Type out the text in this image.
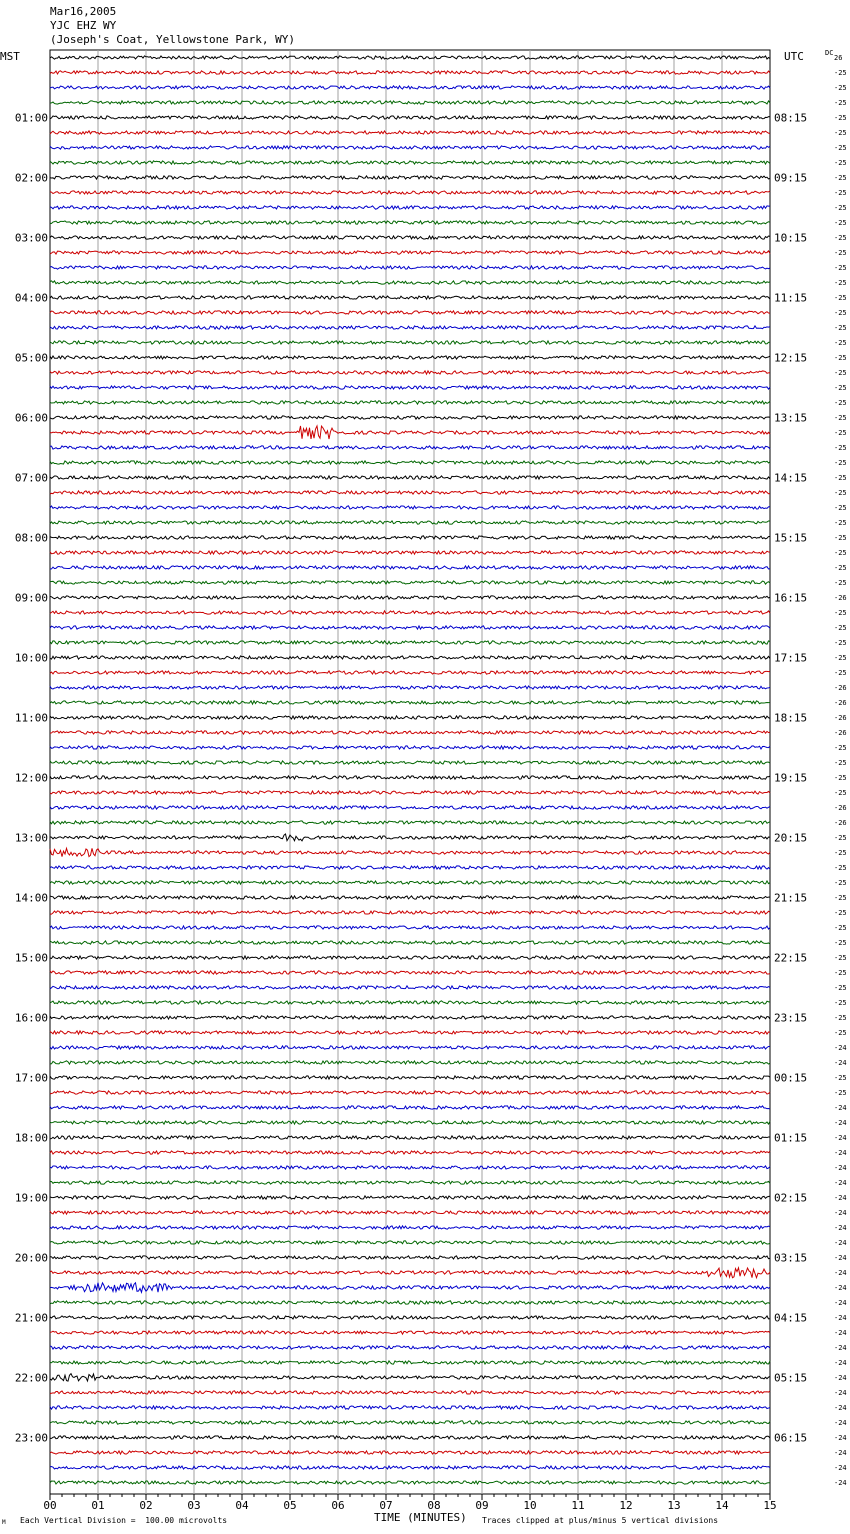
Mar16,2005
YJC EHZ WY
(Joseph's Coat, Yellowstone Park, WY)
MST	UTC	DC
00	01	02	03	04	05	06	07	08	09	10	11	12	13	14	15
26
-25
-25
-25
-25
-25
-25
-25
-25
-25
-25
-25
-25
-25
-25
-25
-25
-25
-25
-25
-25
-25
-25
-25
-25
-25
-25
-25
-25
-25
-25
-25
-25
-25
-25
-25
-26
-25
-25
-25
-25
-25
-26
-26
-26
-26
-25
-25
-25
-25
-26
-26
-25
-25
-25
-25
-25
-25
-25
-25
-25
-25
-25
-25
-25
-25
-24
-24
-25
-25
-24
-24
-24
-24
-24
-24
-24
-24
-24
-24
-24
-24
-24
-24
-24
-24
-24
-24
-24
-24
-24
-24
-24
-24
-24
-24
01:00
02:00
03:00
04:00
05:00
06:00
07:00
08:00
09:00
10:00
11:00
12:00
13:00
14:00
15:00
16:00
17:00
18:00
19:00
20:00
21:00
22:00
23:00
08:15
09:15
10:15
11:15
12:15
13:15
14:15
15:15
16:15
17:15
18:15
19:15
20:15
21:15
22:15
23:15
00:15
01:15
02:15
03:15
04:15
05:15
06:15
TIME (MINUTES)
M Each Vertical Division =  100.00 microvolts	Traces clipped at plus/minus 5 vertical divisions
